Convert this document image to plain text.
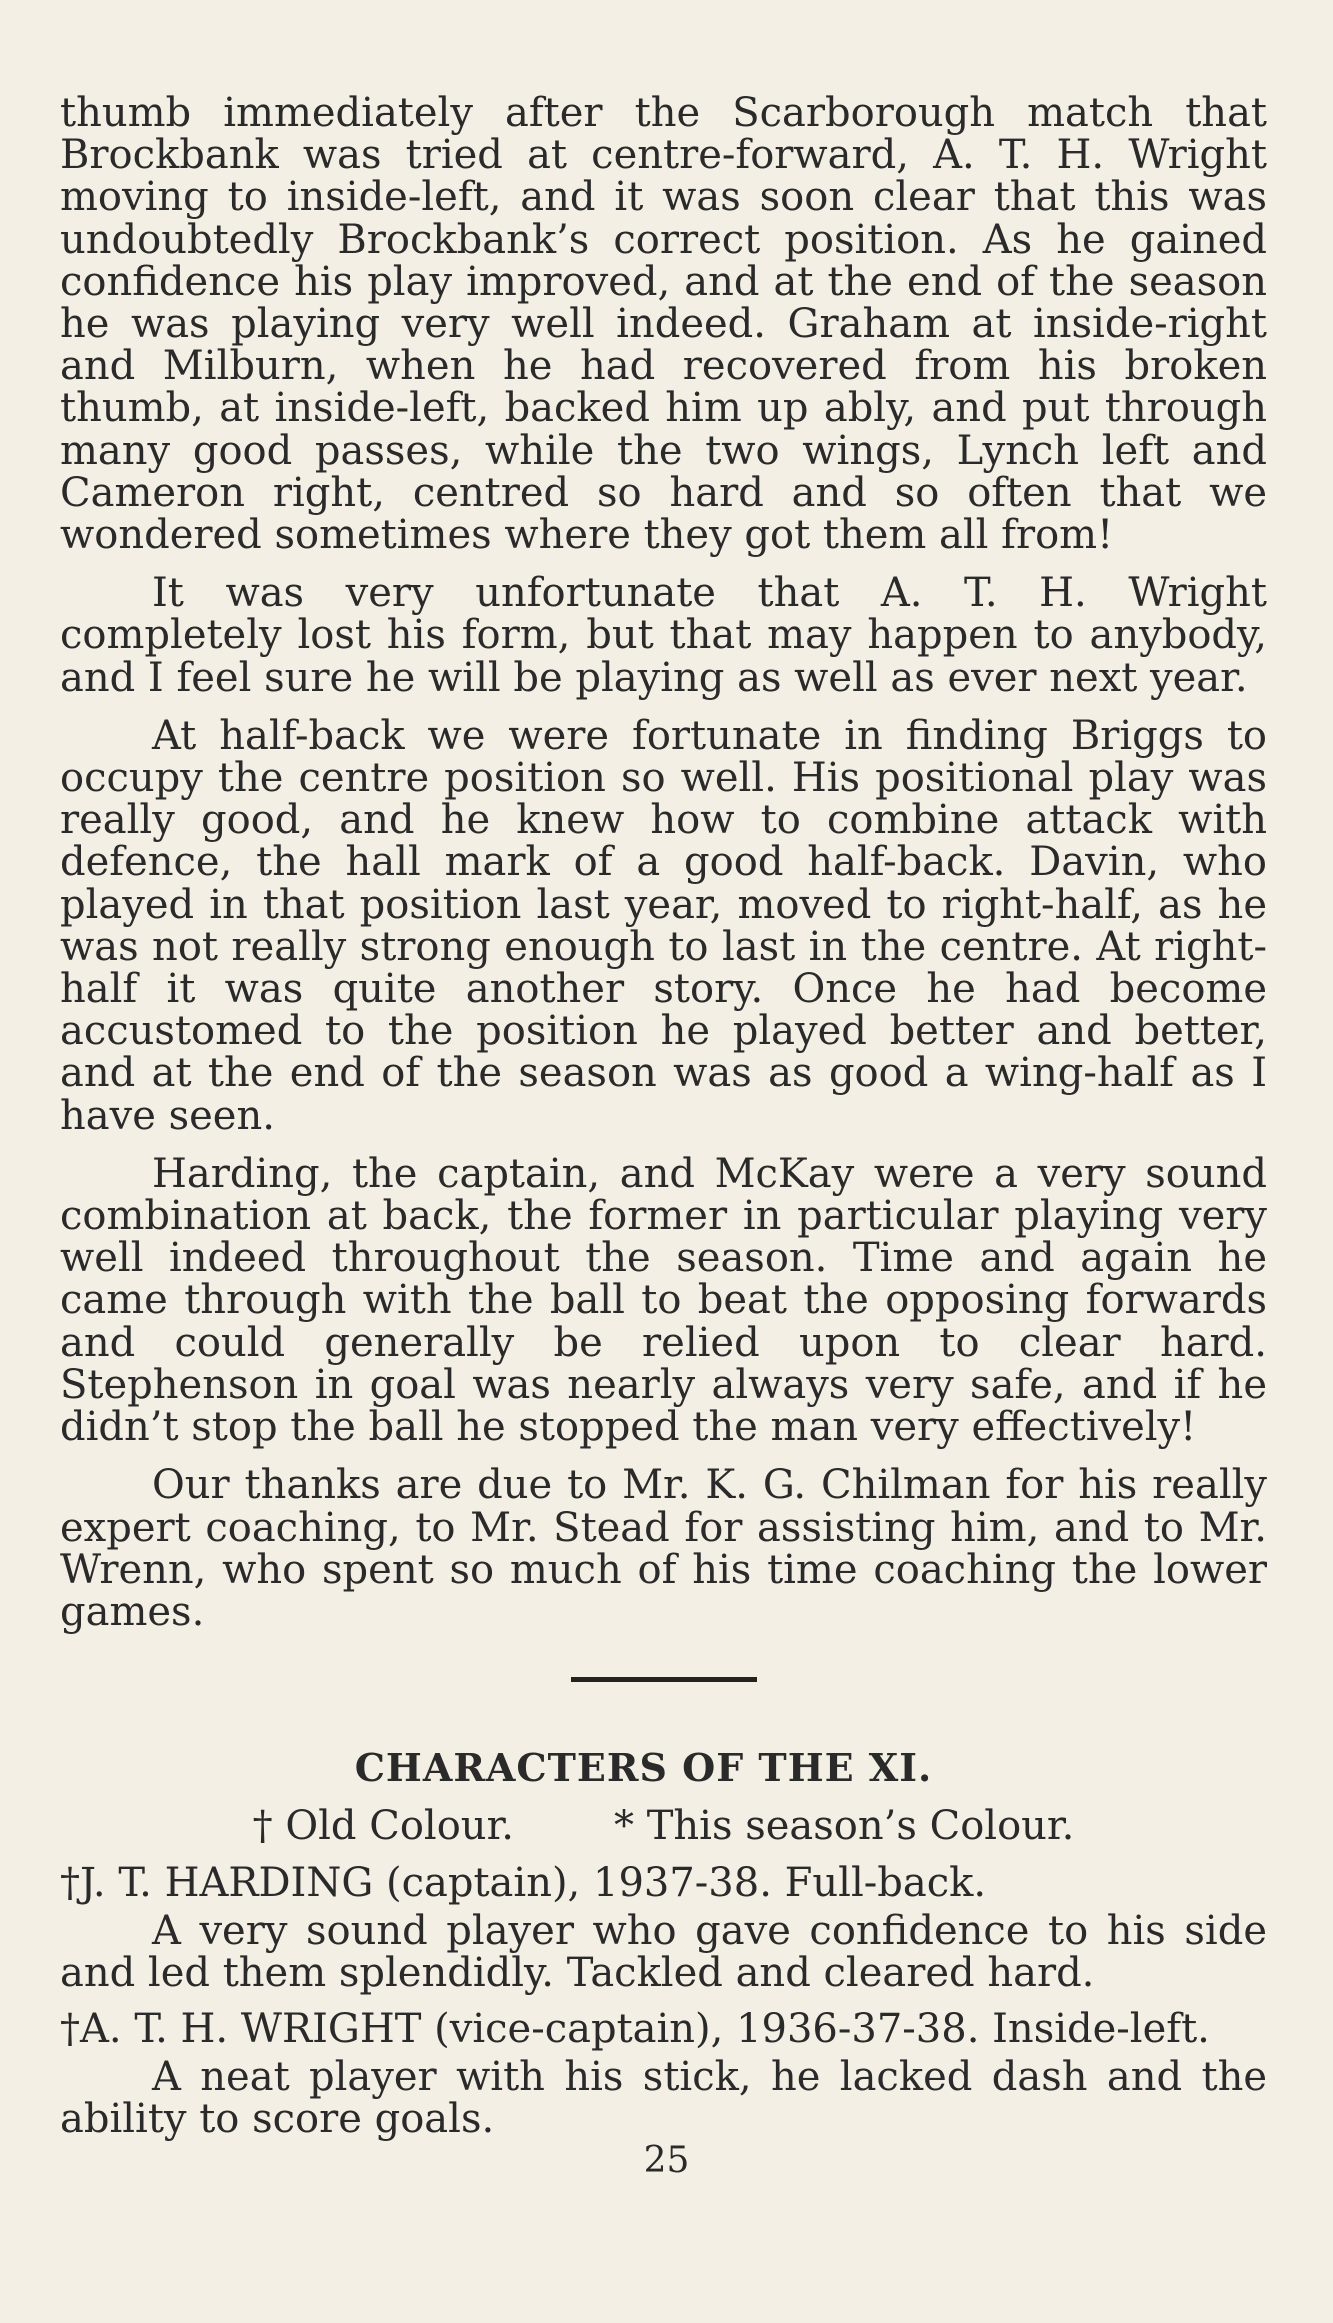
thumb immediately after the Scarborough match that Brockbank was tried at centre-forward, A. T. H. Wright moving to inside-left, and it was soon clear that this was undoubtedly Brockbank’s correct position. As he gained confidence his play improved, and at the end of the season he was playing very well indeed. Graham at inside-right and Milburn, when he had recovered from his broken thumb, at inside-left, backed him up ably, and put through many good passes, while the two wings, Lynch left and Cameron right, centred so hard and so often that we wondered sometimes where they got them all from!

It was very unfortunate that A. T. H. Wright completely lost his form, but that may happen to anybody, and I feel sure he will be playing as well as ever next year.

At half-back we were fortunate in finding Briggs to occupy the centre position so well. His positional play was really good, and he knew how to combine attack with defence, the hall mark of a good half-back. Davin, who played in that position last year, moved to right-half, as he was not really strong enough to last in the centre. At right-half it was quite another story. Once he had become accustomed to the position he played better and better, and at the end of the season was as good a wing-half as I have seen.

Harding, the captain, and McKay were a very sound combination at back, the former in particular playing very well indeed throughout the season. Time and again he came through with the ball to beat the opposing forwards and could generally be relied upon to clear hard. Stephenson in goal was nearly always very safe, and if he didn’t stop the ball he stopped the man very effectively!

Our thanks are due to Mr. K. G. Chilman for his really expert coaching, to Mr. Stead for assisting him, and to Mr. Wrenn, who spent so much of his time coaching the lower games.

CHARACTERS OF THE XI.
† Old Colour.	* This season’s Colour.
†J. T. HARDING (captain), 1937-38. Full-back.
A very sound player who gave confidence to his side and led them splendidly. Tackled and cleared hard.
†A. T. H. WRIGHT (vice-captain), 1936-37-38. Inside-left.
A neat player with his stick, he lacked dash and the ability to score goals.
25
